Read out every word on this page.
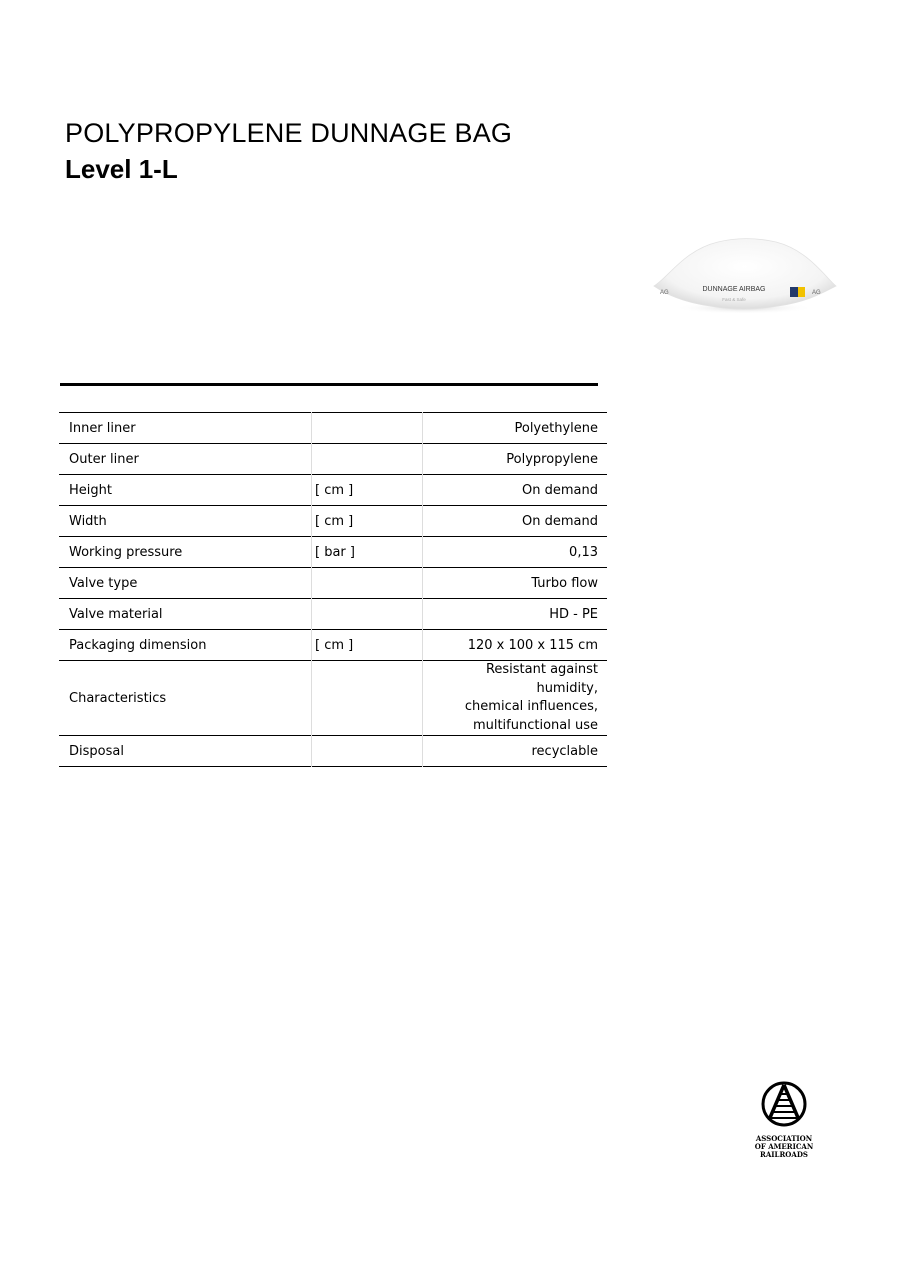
POLYPROPYLENE DUNNAGE BAG
Level 1-L
DUNNAGE AIRBAG
Fast & Safe
AG	AG
Inner liner		Polyethylene
Outer liner		Polypropylene
Height	[ cm ]	On demand
Width	[ cm ]	On demand
Working pressure	[ bar ]	0,13
Valve type		Turbo flow
Valve material		HD - PE
Packaging dimension	[ cm ]	120 x 100 x 115 cm
Characteristics		Resistant against humidity,
chemical influences,
multifunctional use

Disposal		recyclable
ASSOCIATION
OF AMERICAN
RAILROADS
